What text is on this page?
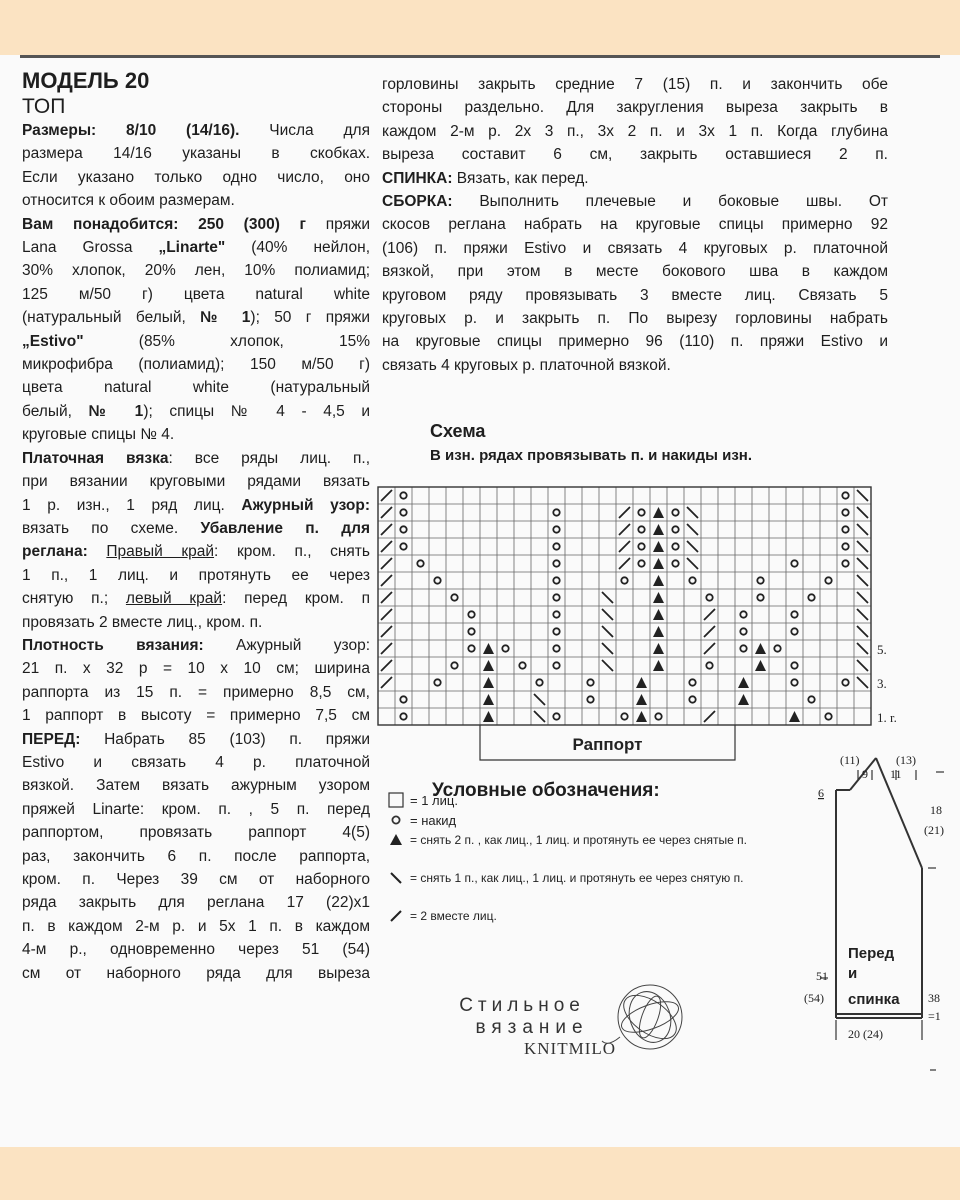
МОДЕЛЬ 20
ТОП

Размеры: 8/10 (14/16). Числа для

размера 14/16 указаны в скобках.

Если указано только одно число, оно

относится к обоим размерам.

Вам понадобится: 250 (300) г пряжи

Lana Grossa „Linarte" (40% нейлон,

30% хлопок, 20% лен, 10% полиамид;

125 м/50 г) цвета natural white

(натуральный белый, № 1); 50 г пряжи

„Estivo" (85% хлопок, 15%

микрофибра (полиамид); 150 м/50 г)

цвета natural white (натуральный

белый, № 1); спицы № 4 - 4,5 и

круговые спицы № 4.

Платочная вязка: все ряды лиц. п.,

при вязании круговыми рядами вязать

1 р. изн., 1 ряд лиц. Ажурный узор:

вязать по схеме. Убавление п. для

реглана: Правый край: кром. п., снять

1 п., 1 лиц. и протянуть ее через

снятую п.; левый край: перед кром. п

провязать 2 вместе лиц., кром. п.

Плотность вязания: Ажурный узор:

21 п. х 32 р = 10 х 10 см; ширина

раппорта из 15 п. = примерно 8,5 см,

1 раппорт в высоту = примерно 7,5 см

ПЕРЕД: Набрать 85 (103) п. пряжи

Estivo и связать 4 р. платочной

вязкой. Затем вязать ажурным узором

пряжей Linarte: кром. п. , 5 п. перед

раппортом, провязать раппорт 4(5)

раз, закончить 6 п. после раппорта,

кром. п. Через 39 см от наборного

ряда закрыть для реглана 17 (22)х1

п. в каждом 2-м р. и 5х 1 п. в каждом

4-м р., одновременно через 51 (54)

см от наборного ряда для выреза

горловины закрыть средние 7 (15) п. и закончить обе

стороны раздельно. Для закругления выреза закрыть в

каждом 2-м р. 2х 3 п., 3х 2 п. и 3х 1 п. Когда глубина

выреза составит 6 см, закрыть оставшиеся 2 п.

СПИНКА: Вязать, как перед.

СБОРКА: Выполнить плечевые и боковые швы. От

скосов реглана набрать на круговые спицы примерно 92

(106) п. пряжи Estivo и связать 4 круговых р. платочной

вязкой, при этом в месте бокового шва в каждом

круговом ряду провязывать 3 вместе лиц. Связать 5

круговых р. и закрыть п. По вырезу горловины набрать

на круговые спицы примерно 96 (110) п. пряжи Estivo и

связать 4 круговых р. платочной вязкой.

Схема
В изн. рядах провязывать п. и накиды изн.
5.
3.
1. r.
Раппорт
Условные обозначения:
= 1 лиц.
= накид
= снять 2 п. , как лиц., 1 лиц. и протянуть ее через снятые п.
= снять 1 п., как лиц., 1 лиц. и протянуть ее через снятую п.
= 2 вместе лиц.
(11)	(13)
9 11
6
18
(21)
Перед
и
спинка
51
(54)	38
=1
20 (24)
Стильное
вязание
KNITMILO
